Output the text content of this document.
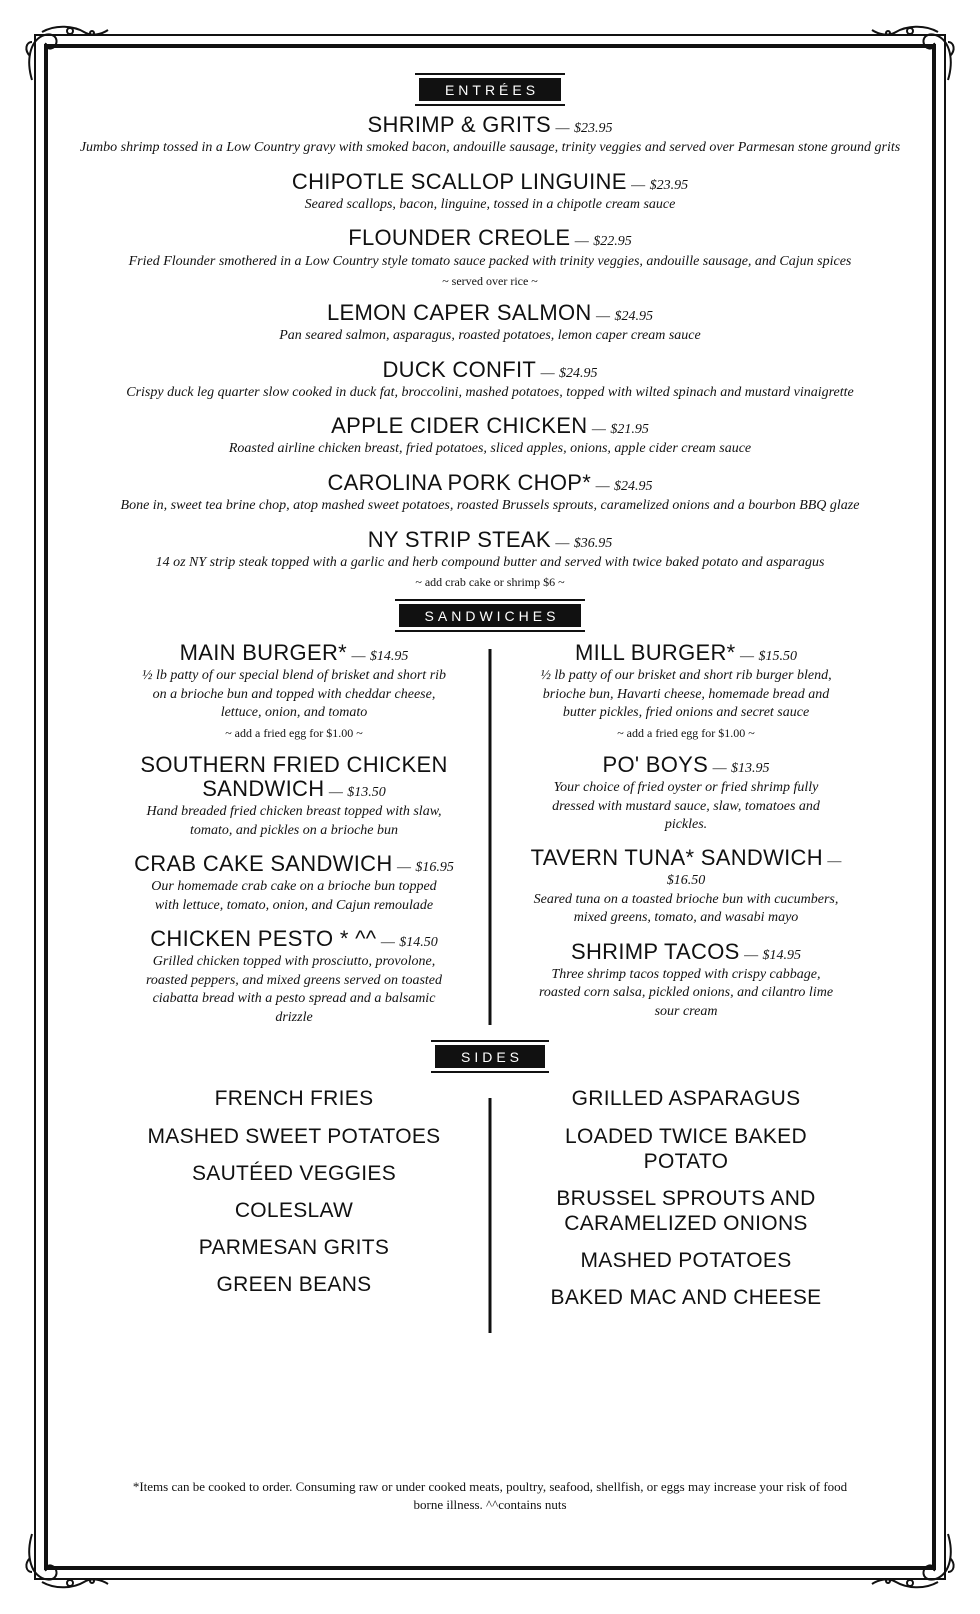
ENTRÉES
SHRIMP & GRITS — $23.95
Jumbo shrimp tossed in a Low Country gravy with smoked bacon, andouille sausage, trinity veggies and served over Parmesan stone ground grits
CHIPOTLE SCALLOP LINGUINE — $23.95
Seared scallops, bacon, linguine, tossed in a chipotle cream sauce
FLOUNDER CREOLE — $22.95
Fried Flounder smothered in a Low Country style tomato sauce packed with trinity veggies, andouille sausage, and Cajun spices
~ served over rice ~
LEMON CAPER SALMON — $24.95
Pan seared salmon, asparagus, roasted potatoes, lemon caper cream sauce
DUCK CONFIT — $24.95
Crispy duck leg quarter slow cooked in duck fat, broccolini, mashed potatoes, topped with wilted spinach and mustard vinaigrette
APPLE CIDER CHICKEN — $21.95
Roasted airline chicken breast, fried potatoes, sliced apples, onions, apple cider cream sauce
CAROLINA PORK CHOP* — $24.95
Bone in, sweet tea brine chop, atop mashed sweet potatoes, roasted Brussels sprouts, caramelized onions and a bourbon BBQ glaze
NY STRIP STEAK — $36.95
14 oz NY strip steak topped with a garlic and herb compound butter and served with twice baked potato and asparagus
~ add crab cake or shrimp $6 ~
SANDWICHES
MAIN BURGER* — $14.95
½ lb patty of our special blend of brisket and short rib on a brioche bun and topped with cheddar cheese, lettuce, onion, and tomato
~ add a fried egg for $1.00 ~
SOUTHERN FRIED CHICKEN SANDWICH — $13.50
Hand breaded fried chicken breast topped with slaw, tomato, and pickles on a brioche bun
CRAB CAKE SANDWICH — $16.95
Our homemade crab cake on a brioche bun topped with lettuce, tomato, onion, and Cajun remoulade
CHICKEN PESTO * ^^ — $14.50
Grilled chicken topped with prosciutto, provolone, roasted peppers, and mixed greens served on toasted ciabatta bread with a pesto spread and a balsamic drizzle
MILL BURGER* — $15.50
½ lb patty of our brisket and short rib burger blend, brioche bun, Havarti cheese, homemade bread and butter pickles, fried onions and secret sauce
~ add a fried egg for $1.00 ~
PO' BOYS — $13.95
Your choice of fried oyster or fried shrimp fully dressed with mustard sauce, slaw, tomatoes and pickles.
TAVERN TUNA* SANDWICH — $16.50
Seared tuna on a toasted brioche bun with cucumbers, mixed greens, tomato, and wasabi mayo
SHRIMP TACOS — $14.95
Three shrimp tacos topped with crispy cabbage, roasted corn salsa, pickled onions, and cilantro lime sour cream
SIDES
FRENCH FRIES
MASHED SWEET POTATOES
SAUTÉED VEGGIES
COLESLAW
PARMESAN GRITS
GREEN BEANS
GRILLED ASPARAGUS
LOADED TWICE BAKED POTATO
BRUSSEL SPROUTS AND CARAMELIZED ONIONS
MASHED POTATOES
BAKED MAC AND CHEESE
*Items can be cooked to order. Consuming raw or under cooked meats, poultry, seafood, shellfish, or eggs may increase your risk of food borne illness. ^^contains nuts
